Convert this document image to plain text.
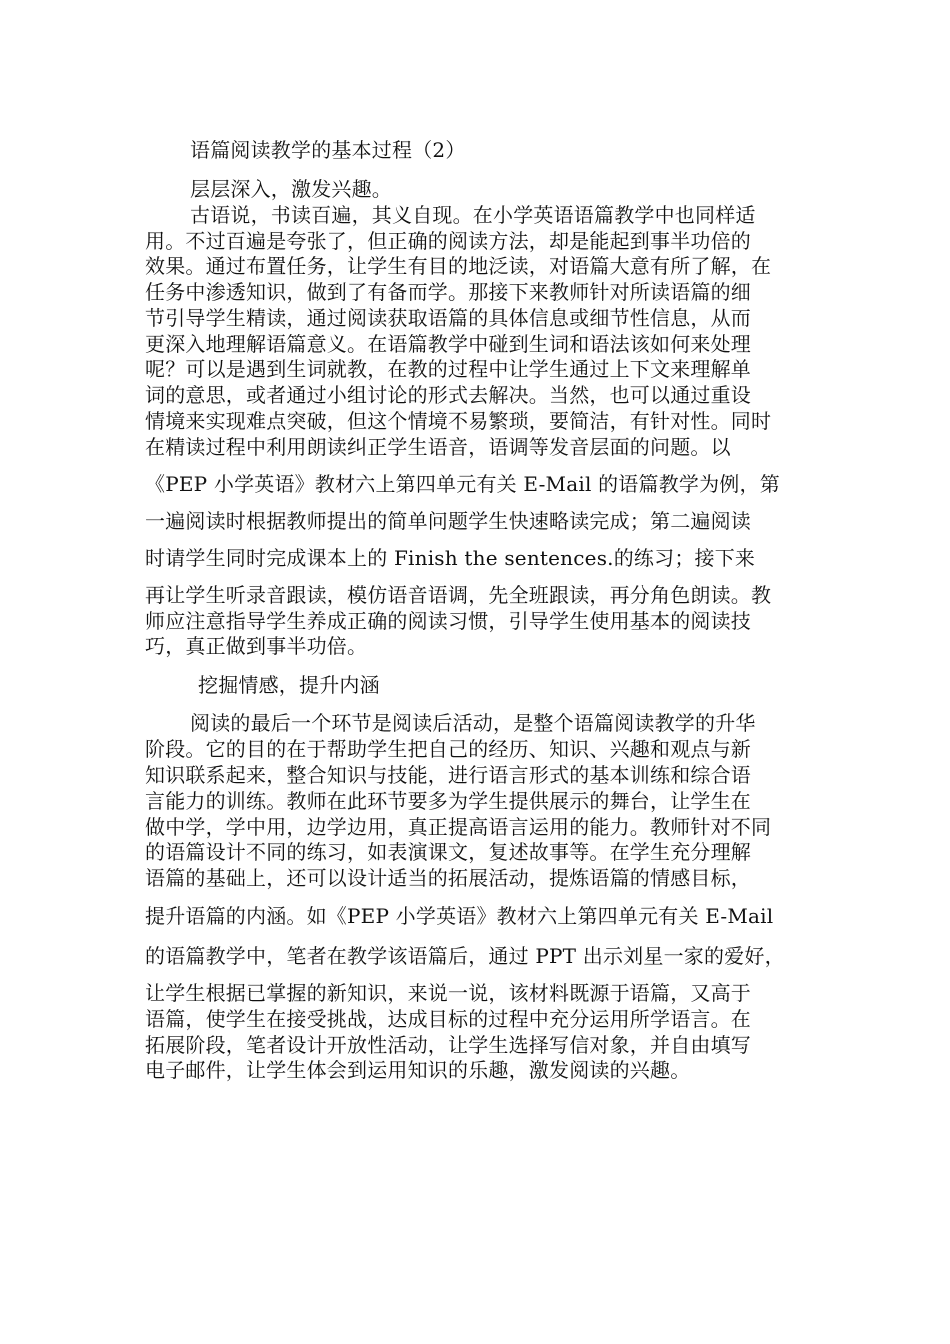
语篇阅读教学的基本过程（2）
层层深入，激发兴趣。
古语说，书读百遍，其义自现。在小学英语语篇教学中也同样适
用。不过百遍是夸张了，但正确的阅读方法，却是能起到事半功倍的
效果。通过布置任务，让学生有目的地泛读，对语篇大意有所了解，在
任务中渗透知识，做到了有备而学。那接下来教师针对所读语篇的细
节引导学生精读，通过阅读获取语篇的具体信息或细节性信息，从而
更深入地理解语篇意义。在语篇教学中碰到生词和语法该如何来处理
呢？可以是遇到生词就教，在教的过程中让学生通过上下文来理解单
词的意思，或者通过小组讨论的形式去解决。当然，也可以通过重设
情境来实现难点突破，但这个情境不易繁琐，要简洁，有针对性。同时
在精读过程中利用朗读纠正学生语音，语调等发音层面的问题。以
《PEP 小学英语》教材六上第四单元有关 E-Mail 的语篇教学为例，第
一遍阅读时根据教师提出的简单问题学生快速略读完成；第二遍阅读
时请学生同时完成课本上的 Finish the sentences.的练习；接下来
再让学生听录音跟读，模仿语音语调，先全班跟读，再分角色朗读。教
师应注意指导学生养成正确的阅读习惯，引导学生使用基本的阅读技
巧，真正做到事半功倍。
挖掘情感，提升内涵
阅读的最后一个环节是阅读后活动，是整个语篇阅读教学的升华
阶段。它的目的在于帮助学生把自己的经历、知识、兴趣和观点与新
知识联系起来，整合知识与技能，进行语言形式的基本训练和综合语
言能力的训练。教师在此环节要多为学生提供展示的舞台，让学生在
做中学，学中用，边学边用，真正提高语言运用的能力。教师针对不同
的语篇设计不同的练习，如表演课文，复述故事等。在学生充分理解
语篇的基础上，还可以设计适当的拓展活动，提炼语篇的情感目标，
提升语篇的内涵。如《PEP 小学英语》教材六上第四单元有关 E-Mail
的语篇教学中，笔者在教学该语篇后，通过 PPT 出示刘星一家的爱好，
让学生根据已掌握的新知识，来说一说，该材料既源于语篇，又高于
语篇，使学生在接受挑战，达成目标的过程中充分运用所学语言。在
拓展阶段，笔者设计开放性活动，让学生选择写信对象，并自由填写
电子邮件，让学生体会到运用知识的乐趣，激发阅读的兴趣。
